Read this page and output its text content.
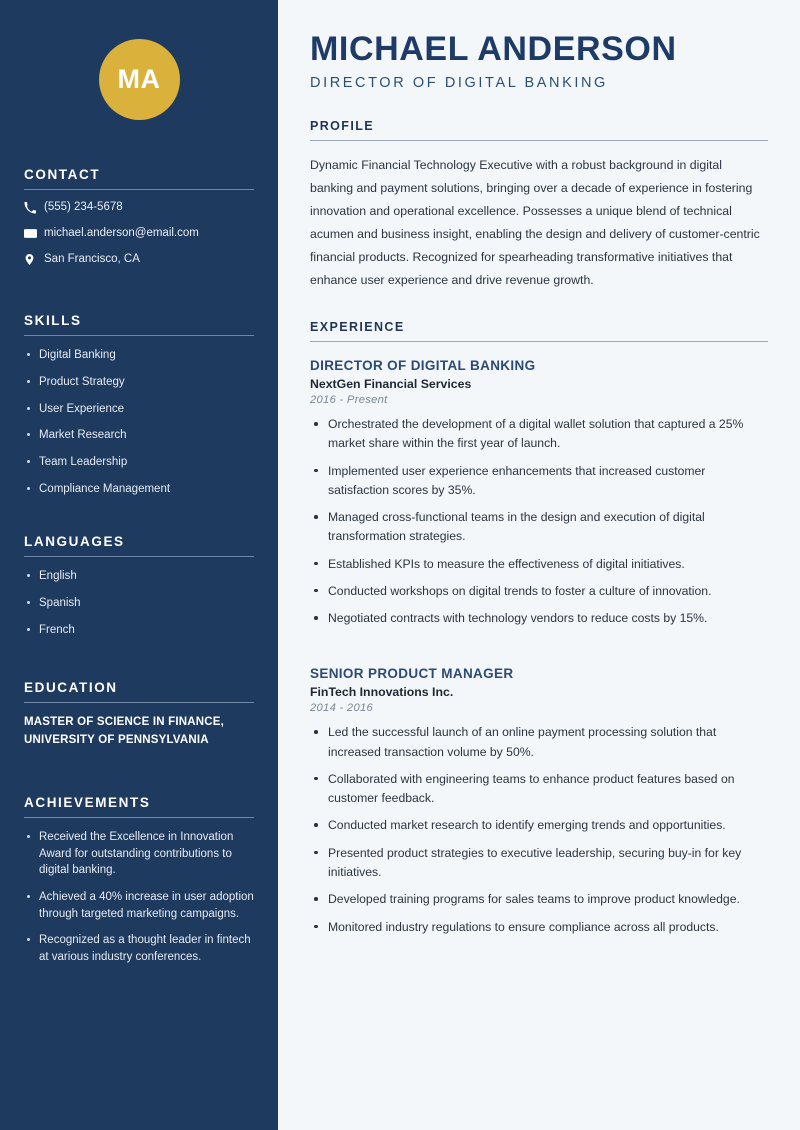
MA
CONTACT
(555) 234-5678
michael.anderson@email.com
San Francisco, CA
SKILLS
Digital Banking
Product Strategy
User Experience
Market Research
Team Leadership
Compliance Management
LANGUAGES
English
Spanish
French
EDUCATION
MASTER OF SCIENCE IN FINANCE,
UNIVERSITY OF PENNSYLVANIA
ACHIEVEMENTS
Received the Excellence in Innovation Award for outstanding contributions to digital banking.
Achieved a 40% increase in user adoption through targeted marketing campaigns.
Recognized as a thought leader in fintech at various industry conferences.
MICHAEL ANDERSON
DIRECTOR OF DIGITAL BANKING
PROFILE

Dynamic Financial Technology Executive with a robust background in digital banking and payment solutions, bringing over a decade of experience in fostering innovation and operational excellence. Possesses a unique blend of technical acumen and business insight, enabling the design and delivery of customer-centric financial products. Recognized for spearheading transformative initiatives that enhance user experience and drive revenue growth.

EXPERIENCE
DIRECTOR OF DIGITAL BANKING
NextGen Financial Services
2016 - Present
Orchestrated the development of a digital wallet solution that captured a 25% market share within the first year of launch.
Implemented user experience enhancements that increased customer satisfaction scores by 35%.
Managed cross-functional teams in the design and execution of digital transformation strategies.
Established KPIs to measure the effectiveness of digital initiatives.
Conducted workshops on digital trends to foster a culture of innovation.
Negotiated contracts with technology vendors to reduce costs by 15%.
SENIOR PRODUCT MANAGER
FinTech Innovations Inc.
2014 - 2016
Led the successful launch of an online payment processing solution that increased transaction volume by 50%.
Collaborated with engineering teams to enhance product features based on customer feedback.
Conducted market research to identify emerging trends and opportunities.
Presented product strategies to executive leadership, securing buy-in for key initiatives.
Developed training programs for sales teams to improve product knowledge.
Monitored industry regulations to ensure compliance across all products.
